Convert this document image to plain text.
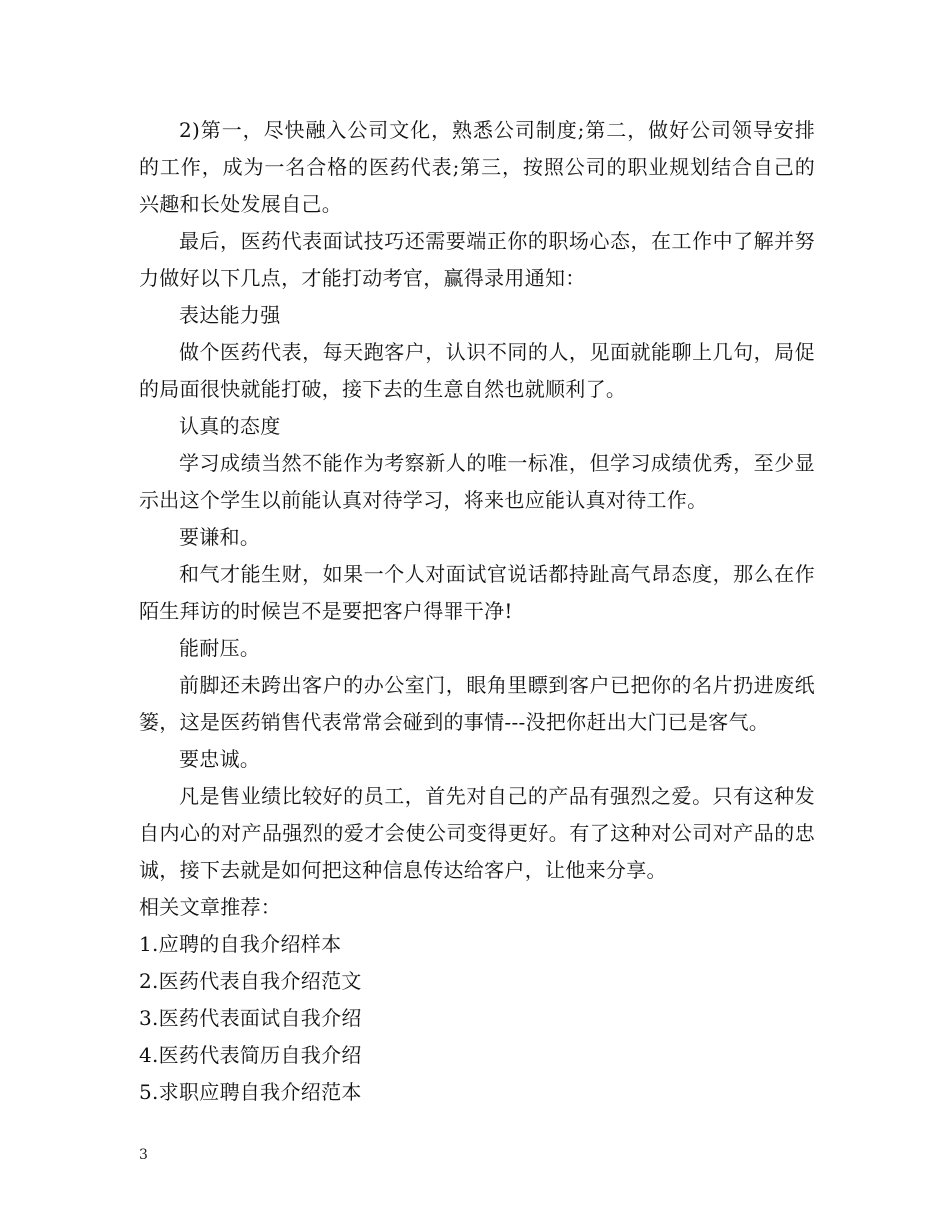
2)第一，尽快融入公司文化，熟悉公司制度;第二，做好公司领导安排的工作，成为一名合格的医药代表;第三，按照公司的职业规划结合自己的兴趣和长处发展自己。

最后，医药代表面试技巧还需要端正你的职场心态，在工作中了解并努力做好以下几点，才能打动考官，赢得录用通知：

表达能力强

做个医药代表，每天跑客户，认识不同的人，见面就能聊上几句，局促的局面很快就能打破，接下去的生意自然也就顺利了。

认真的态度

学习成绩当然不能作为考察新人的唯一标准，但学习成绩优秀，至少显示出这个学生以前能认真对待学习，将来也应能认真对待工作。

要谦和。

和气才能生财，如果一个人对面试官说话都持趾高气昂态度，那么在作陌生拜访的时候岂不是要把客户得罪干净!

能耐压。

前脚还未跨出客户的办公室门，眼角里瞟到客户已把你的名片扔进废纸篓，这是医药销售代表常常会碰到的事情---没把你赶出大门已是客气。

要忠诚。

凡是售业绩比较好的员工，首先对自己的产品有强烈之爱。只有这种发自内心的对产品强烈的爱才会使公司变得更好。有了这种对公司对产品的忠诚，接下去就是如何把这种信息传达给客户，让他来分享。

相关文章推荐：

1.应聘的自我介绍样本

2.医药代表自我介绍范文

3.医药代表面试自我介绍

4.医药代表简历自我介绍

5.求职应聘自我介绍范本

3
